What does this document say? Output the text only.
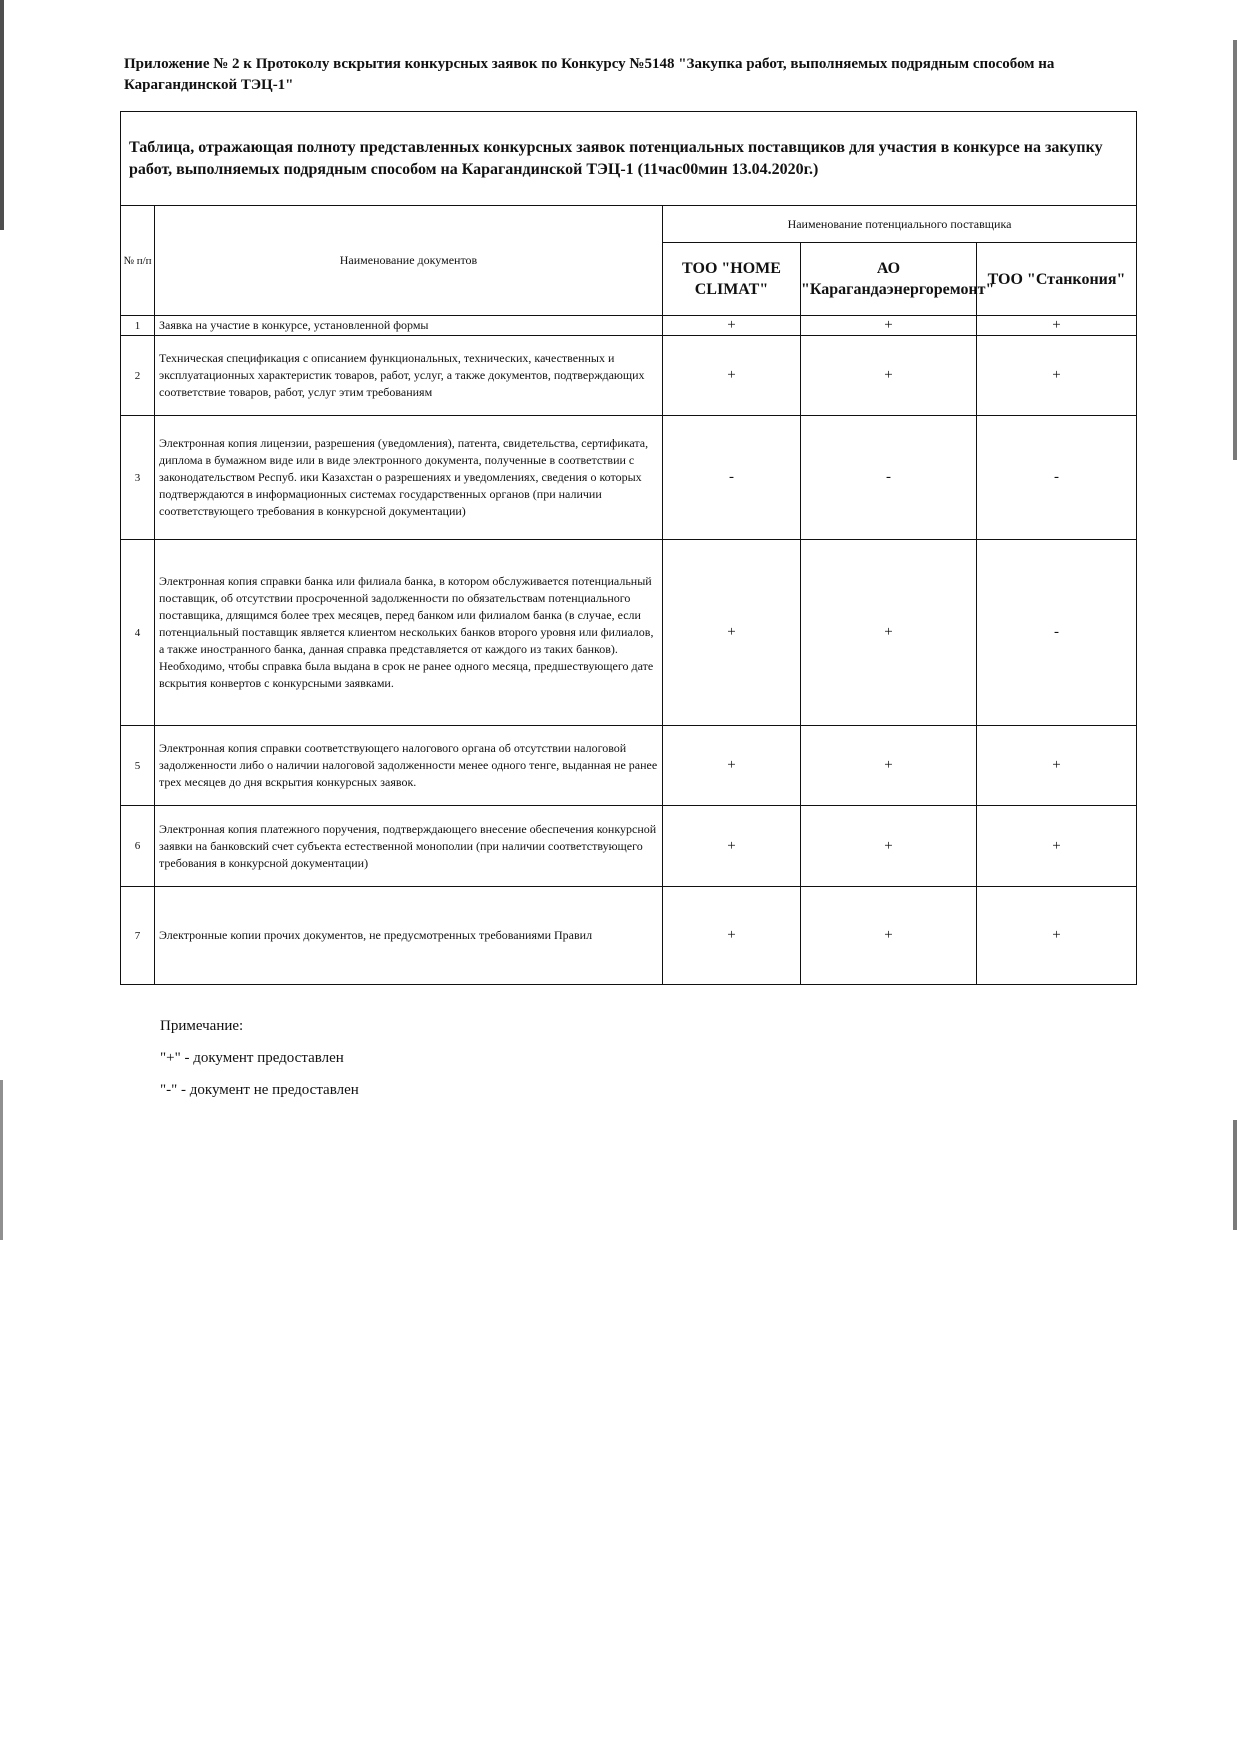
Приложение № 2 к Протоколу вскрытия конкурсных заявок по Конкурсу №5148 "Закупка работ, выполняемых подрядным способом на Карагандинской ТЭЦ-1"
Таблица, отражающая полноту представленных конкурсных заявок потенциальных поставщиков для участия в конкурсе на закупку работ, выполняемых подрядным способом на Карагандинской ТЭЦ-1 (11час00мин 13.04.2020г.)				
№ п/п	Наименование документов	Наименование потенциального поставщика		
		ТОО "HOME CLIMAT"	АО "Карагандаэнергоремонт"	ТОО "Станкония"
1	Заявка на участие в конкурсе, установленной формы	+	+	+
2	Техническая спецификация с описанием функциональных, технических, качественных и эксплуатационных характеристик товаров, работ, услуг, а также документов, подтверждающих соответствие товаров, работ, услуг этим требованиям	+	+	+
3	Электронная копия лицензии, разрешения (уведомления), патента, свидетельства, сертификата, диплома в бумажном виде или в виде электронного документа, полученные в соответствии с законодательством Респуб. ики Казахстан о разрешениях и уведомлениях, сведения о которых подтверждаются в информационных системах государственных органов (при наличии соответствующего требования в конкурсной документации)	-	-	-
4	Электронная копия справки банка или филиала банка, в котором обслуживается потенциальный поставщик, об отсутствии просроченной задолженности по обязательствам потенциального поставщика, длящимся более трех месяцев, перед банком или филиалом банка (в случае, если потенциальный поставщик является клиентом нескольких банков второго уровня или филиалов, а также иностранного банка, данная справка представляется от каждого из таких банков). Необходимо, чтобы справка была выдана в срок не ранее одного месяца, предшествующего дате вскрытия конвертов с конкурсными заявками.	+	+	-
5	Электронная копия справки соответствующего налогового органа об отсутствии налоговой задолженности либо о наличии налоговой задолженности менее одного тенге, выданная не ранее трех месяцев до дня вскрытия конкурсных заявок.	+	+	+
6	Электронная копия платежного поручения, подтверждающего внесение обеспечения конкурсной заявки на банковский счет субъекта естественной монополии (при наличии соответствующего требования в конкурсной документации)	+	+	+
7	Электронные копии прочих документов, не предусмотренных требованиями Правил	+	+	+
Примечание:
"+" - документ предоставлен
"-" - документ не предоставлен
